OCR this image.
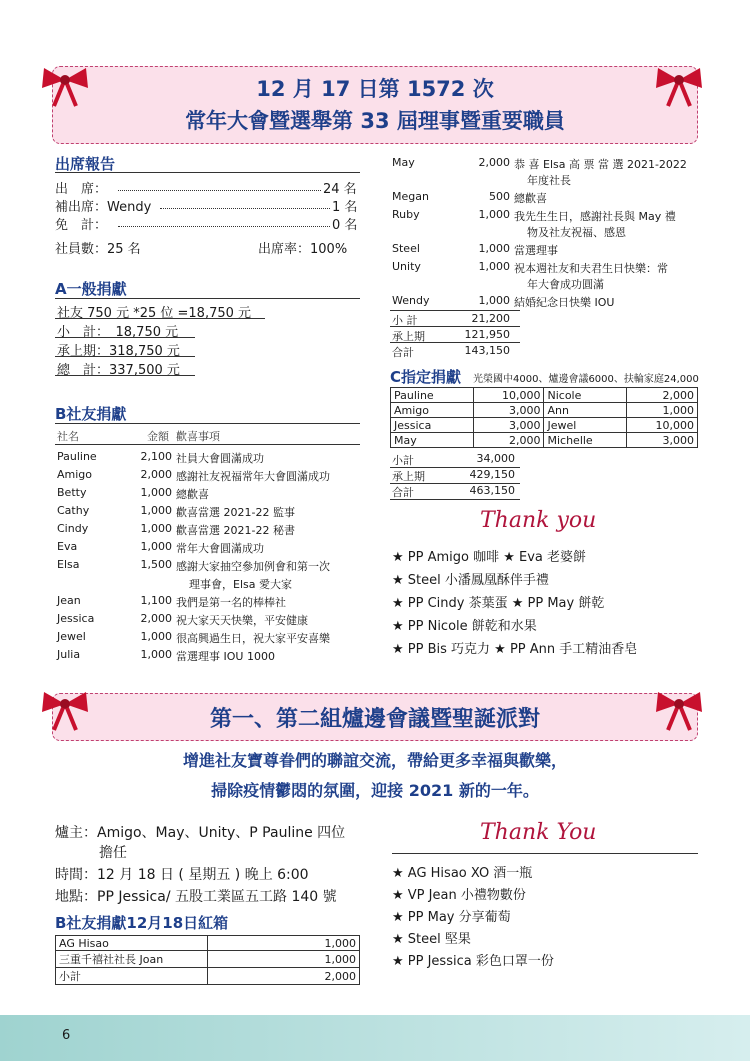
12 月 17 日第 1572 次
常年大會暨選舉第 33 屆理事暨重要職員
出席報告
出　席：	24 名
補出席：Wendy	1 名
免　計：	0 名
社員數：25 名	出席率：100%
A一般捐獻
社友 750 元 *25 位 =18,750 元
小　計：　18,750 元
承上期：318,750 元
總　計：337,500 元
B社友捐獻
社名	金額 歡喜事項
Pauline	2,100 社員大會圓滿成功
Amigo	2,000 感謝社友祝福常年大會圓滿成功
Betty	1,000 總歡喜
Cathy	1,000 歡喜當選 2021-22 監事
Cindy	1,000 歡喜當選 2021-22 秘書
Eva	1,000 常年大會圓滿成功
Elsa	1,500 感謝大家抽空參加例會和第一次
理事會，Elsa 愛大家
Jean	1,100 我們是第一名的棒棒社
Jessica	2,000 祝大家天天快樂，平安健康
Jewel	1,000 很高興過生日，祝大家平安喜樂
Julia	1,000 當選理事 IOU 1000
May	2,000 恭 喜 Elsa 高 票 當 選 2021-2022
年度社長
Megan	500 總歡喜
Ruby	1,000 我先生生日，感謝社長與 May 禮
物及社友祝福、感恩
Steel	1,000 當選理事
Unity	1,000 祝本週社友和夫君生日快樂：常
年大會成功圓滿
Wendy	1,000 結婚紀念日快樂 IOU
小 計	21,200
承上期	121,950
合計	143,150
C指定捐獻 光榮國中4000、爐邊會議6000、扶輪家庭24,000
Pauline	10,000	Nicole	2,000
Amigo	3,000	Ann	1,000
Jessica	3,000	Jewel	10,000
May	2,000	Michelle	3,000
小計	34,000
承上期	429,150
合計	463,150
Thank you
★ PP Amigo 咖啡 ★ Eva 老婆餅
★ Steel 小潘鳳凰酥伴手禮
★ PP Cindy 茶葉蛋 ★ PP May 餅乾
★ PP Nicole 餅乾和水果
★ PP Bis 巧克力 ★ PP Ann 手工精油香皂
第一、第二組爐邊會議暨聖誕派對
增進社友寶尊眷們的聯誼交流，帶給更多幸福與歡樂，
掃除疫情鬱悶的氛圍，迎接 2021 新的一年。
爐主：Amigo、May、Unity、P Pauline 四位
擔任
時間：12 月 18 日 ( 星期五 ) 晚上 6:00
地點：PP Jessica/ 五股工業區五工路 140 號
B社友捐獻12月18日紅箱
AG Hisao	1,000
三重千禧社社長 Joan	1,000
小計	2,000
Thank You
★ AG Hisao XO 酒一瓶
★ VP Jean 小禮物數份
★ PP May 分享葡萄
★ Steel 堅果
★ PP Jessica 彩色口罩一份
6
